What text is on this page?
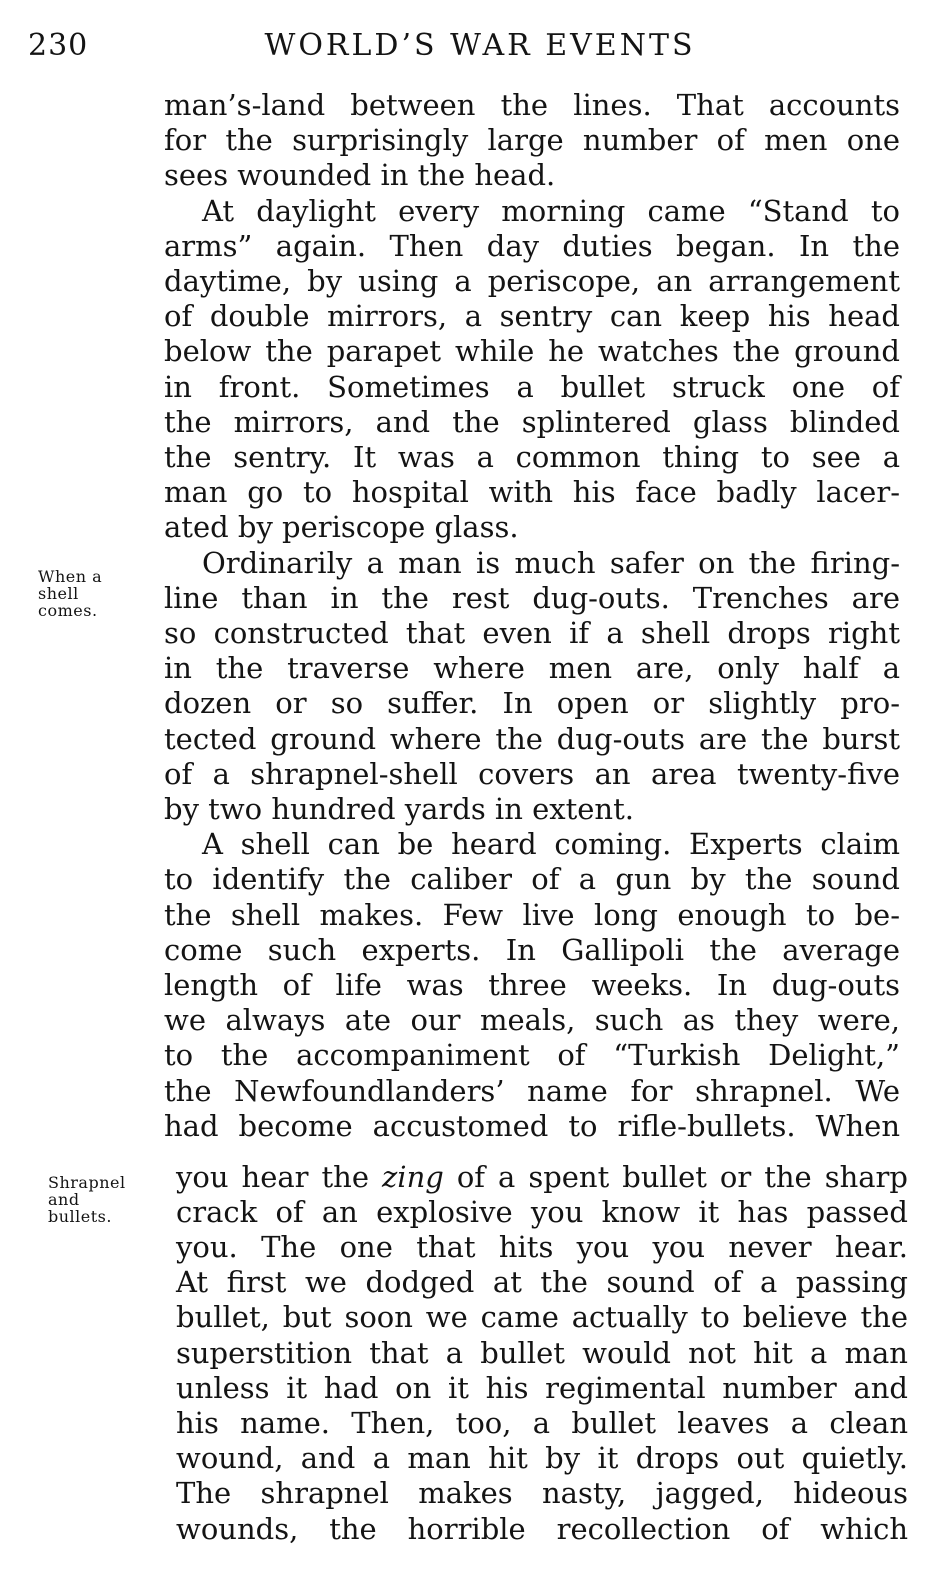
230	WORLD’S WAR EVENTS
When a
shell
comes.
Shrapnel
and
bullets.
man’s-land between the lines. That accounts
for the surprisingly large number of men one
sees wounded in the head.
At daylight every morning came “Stand to
arms” again. Then day duties began. In the
daytime, by using a periscope, an arrangement
of double mirrors, a sentry can keep his head
below the parapet while he watches the ground
in front. Sometimes a bullet struck one of
the mirrors, and the splintered glass blinded
the sentry. It was a common thing to see a
man go to hospital with his face badly lacer-
ated by periscope glass.
Ordinarily a man is much safer on the firing-
line than in the rest dug-outs. Trenches are
so constructed that even if a shell drops right
in the traverse where men are, only half a
dozen or so suffer. In open or slightly pro-
tected ground where the dug-outs are the burst
of a shrapnel-shell covers an area twenty-five
by two hundred yards in extent.
A shell can be heard coming. Experts claim
to identify the caliber of a gun by the sound
the shell makes. Few live long enough to be-
come such experts. In Gallipoli the average
length of life was three weeks. In dug-outs
we always ate our meals, such as they were,
to the accompaniment of “Turkish Delight,”
the Newfoundlanders’ name for shrapnel. We
had become accustomed to rifle-bullets. When
you hear the zing of a spent bullet or the sharp
crack of an explosive you know it has passed
you. The one that hits you you never hear.
At first we dodged at the sound of a passing
bullet, but soon we came actually to believe the
superstition that a bullet would not hit a man
unless it had on it his regimental number and
his name. Then, too, a bullet leaves a clean
wound, and a man hit by it drops out quietly.
The shrapnel makes nasty, jagged, hideous
wounds, the horrible recollection of which
